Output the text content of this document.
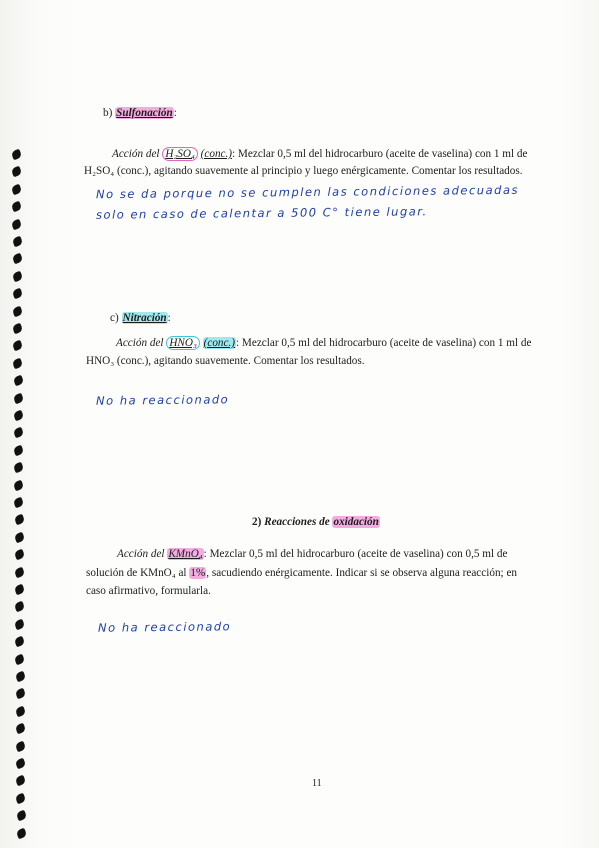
b) Sulfonación:
Acción del H₂SO₄ (conc.): Mezclar 0,5 ml del hidrocarburo (aceite de vaselina) con 1 ml de
H₂SO₄ (conc.), agitando suavemente al principio y luego enérgicamente. Comentar los resultados.
No se da porque no se cumplen las condiciones adecuadas
solo en caso de calentar a 500 C° tiene lugar.
c) Nitración:
Acción del HNO₃ (conc.): Mezclar 0,5 ml del hidrocarburo (aceite de vaselina) con 1 ml de
HNO₃ (conc.), agitando suavemente. Comentar los resultados.
No ha reaccionado
2) Reacciones de oxidación
Acción del KMnO₄: Mezclar 0,5 ml del hidrocarburo (aceite de vaselina) con 0,5 ml de
solución de KMnO₄ al 1%, sacudiendo enérgicamente. Indicar si se observa alguna reacción; en
caso afirmativo, formularla.
No ha reaccionado
11
